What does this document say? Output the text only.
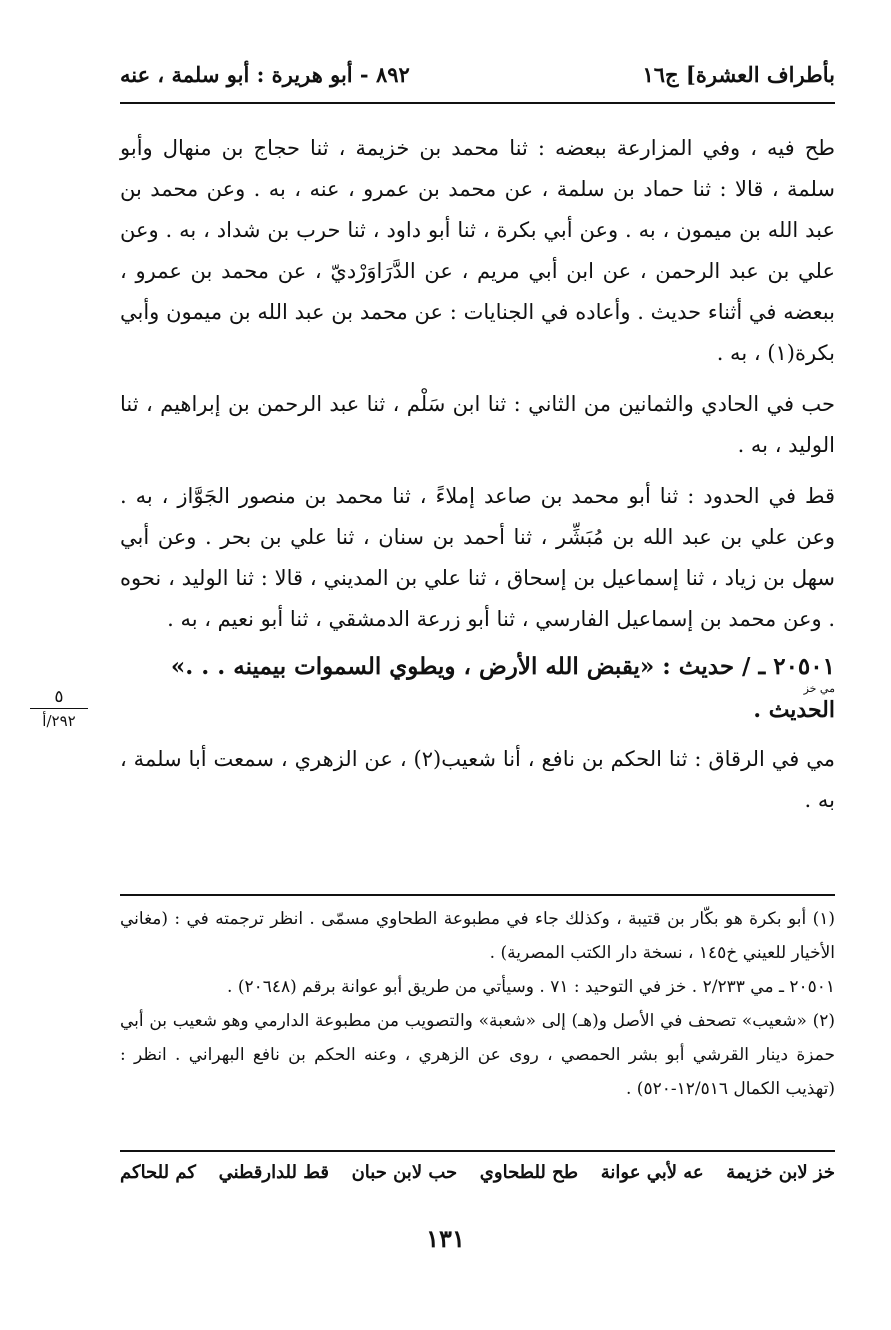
بأطراف العشرة] ج١٦
٨٩٢ - أبو هريرة : أبو سلمة ، عنه

طح فيه ، وفي المزارعة ببعضه : ثنا محمد بن خزيمة ، ثنا حجاج بن منهال وأبو سلمة ، قالا : ثنا حماد بن سلمة ، عن محمد بن عمرو ، عنه ، به . وعن محمد بن عبد الله بن ميمون ، به . وعن أبي بكرة ، ثنا أبو داود ، ثنا حرب بن شداد ، به . وعن علي بن عبد الرحمن ، عن ابن أبي مريم ، عن الدَّرَاوَرْديّ ، عن محمد بن عمرو ، ببعضه في أثناء حديث . وأعاده في الجنايات : عن محمد بن عبد الله بن ميمون وأبي بكرة(١) ، به .

حب في الحادي والثمانين من الثاني : ثنا ابن سَلْم ، ثنا عبد الرحمن بن إبراهيم ، ثنا الوليد ، به .

قط في الحدود : ثنا أبو محمد بن صاعد إملاءً ، ثنا محمد بن منصور الجَوَّاز ، به . وعن علي بن عبد الله بن مُبَشِّر ، ثنا أحمد بن سنان ، ثنا علي بن بحر . وعن أبي سهل بن زياد ، ثنا إسماعيل بن إسحاق ، ثنا علي بن المديني ، قالا : ثنا الوليد ، نحوه . وعن محمد بن إسماعيل الفارسي ، ثنا أبو زرعة الدمشقي ، ثنا أبو نعيم ، به .

٢٠٥٠١ ـ / حديث : «يقبض الله الأرض ، ويطوي السموات بيمينه . . .»
مي خز
الحديث .

مي في الرقاق : ثنا الحكم بن نافع ، أنا شعيب(٢) ، عن الزهري ، سمعت أبا سلمة ، به .

٥
٢٩٢/أ

(١) أبو بكرة هو بكّار بن قتيبة ، وكذلك جاء في مطبوعة الطحاوي مسمّى . انظر ترجمته في : (مغاني الأخيار للعيني خ١٤٥ ، نسخة دار الكتب المصرية) .

٢٠٥٠١ ـ مي ٢/٢٣٣ . خز في التوحيد : ٧١ . وسيأتي من طريق أبو عوانة برقم (٢٠٦٤٨) .

(٢) «شعيب» تصحف في الأصل و(هـ) إلى «شعبة» والتصويب من مطبوعة الدارمي وهو شعيب بن أبي حمزة دينار القرشي أبو بشر الحمصي ، روى عن الزهري ، وعنه الحكم بن نافع البهراني . انظر : (تهذيب الكمال ١٢/٥١٦-٥٢٠) .

خز لابن خزيمة
عه لأبي عوانة
طح للطحاوي
حب لابن حبان
قط للدارقطني
كم للحاكم
١٣١
